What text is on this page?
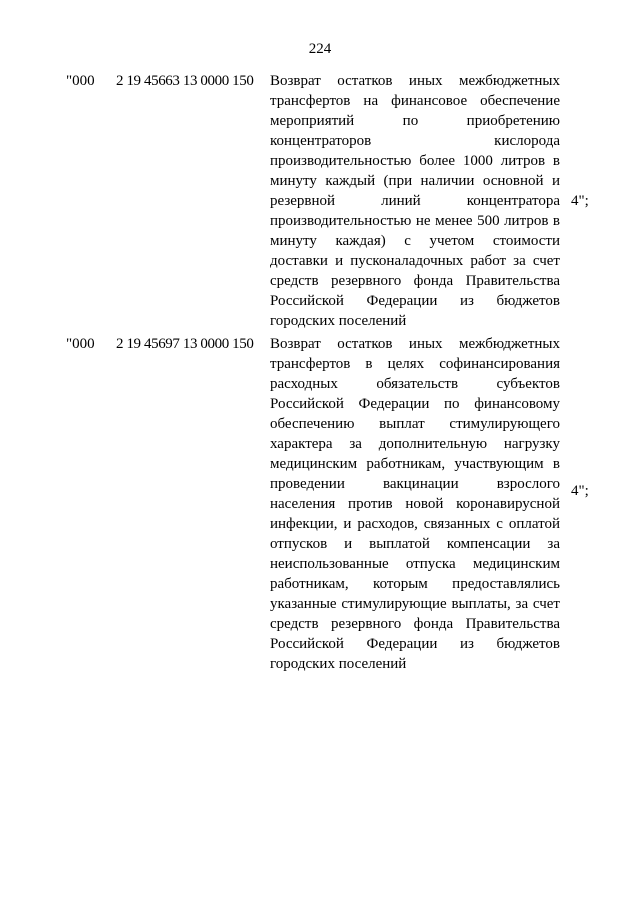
224
"000 2 19 45663 13 0000 150 Возврат остатков иных межбюджетных трансфертов на финансовое обеспечение мероприятий по приобретению концентраторов кислорода производительностью более 1000 литров в минуту каждый (при наличии основной и резервной линий концентратора производительностью не менее 500 литров в минуту каждая) с учетом стоимости доставки и пусконаладочных работ за счет средств резервного фонда Правительства Российской Федерации из бюджетов городских поселений

4";
"000 2 19 45697 13 0000 150 Возврат остатков иных межбюджетных трансфертов в целях софинансирования расходных обязательств субъектов Российской Федерации по финансовому обеспечению выплат стимулирующего характера за дополнительную нагрузку медицинским работникам, участвующим в проведении вакцинации взрослого населения против новой коронавирусной инфекции, и расходов, связанных с оплатой отпусков и выплатой компенсации за неиспользованные отпуска медицинским работникам, которым предоставлялись указанные стимулирующие выплаты, за счет средств резервного фонда Правительства Российской Федерации из бюджетов городских поселений

4";
